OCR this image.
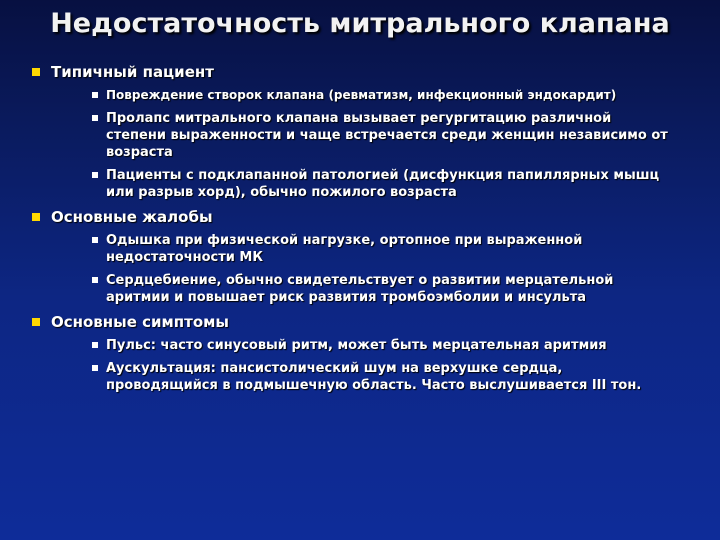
Недостаточность митрального клапана
Типичный пациент
Повреждение створок клапана (ревматизм, инфекционный эндокардит)
Пролапс митрального клапана вызывает регургитацию различной степени выраженности и чаще встречается среди женщин независимо от возраста
Пациенты с подклапанной патологией (дисфункция папиллярных мышц или разрыв хорд), обычно пожилого возраста
Основные жалобы
Одышка при физической нагрузке, ортопное при выраженной недостаточности МК
Сердцебиение, обычно свидетельствует о развитии мерцательной аритмии и повышает риск развития тромбоэмболии и инсульта
Основные симптомы
Пульс: часто синусовый ритм, может быть мерцательная аритмия
Аускультация: пансистолический шум на верхушке сердца, проводящийся в подмышечную область. Часто выслушивается III тон.
